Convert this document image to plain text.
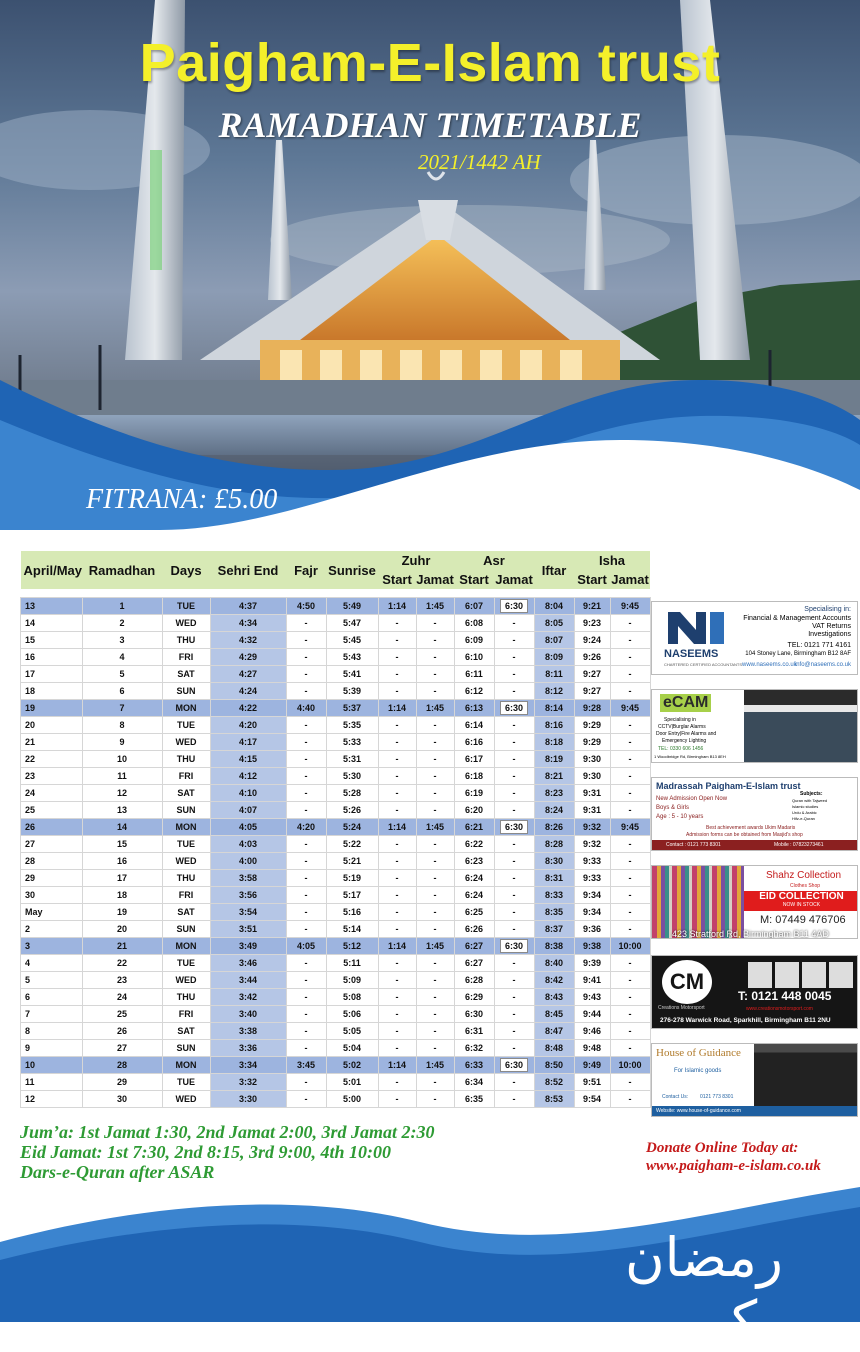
Paigham-E-Islam trust
RAMADHAN TIMETABLE
2021/1442 AH
FITRANA: £5.00
April/May	Ramadhan	Days	Sehri End	Fajr	Sunrise	Zuhr		Asr		Iftar	Isha	
						Start	Jamat	Start	Jamat		Start	Jamat

13	1	TUE	4:37	4:50	5:49	1:14	1:45	6:07	6:30	8:04	9:21	9:45
14	2	WED	4:34	-	5:47	-	-	6:08	-	8:05	9:23	-
15	3	THU	4:32	-	5:45	-	-	6:09	-	8:07	9:24	-
16	4	FRI	4:29	-	5:43	-	-	6:10	-	8:09	9:26	-
17	5	SAT	4:27	-	5:41	-	-	6:11	-	8:11	9:27	-
18	6	SUN	4:24	-	5:39	-	-	6:12	-	8:12	9:27	-
19	7	MON	4:22	4:40	5:37	1:14	1:45	6:13	6:30	8:14	9:28	9:45
20	8	TUE	4:20	-	5:35	-	-	6:14	-	8:16	9:29	-
21	9	WED	4:17	-	5:33	-	-	6:16	-	8:18	9:29	-
22	10	THU	4:15	-	5:31	-	-	6:17	-	8:19	9:30	-
23	11	FRI	4:12	-	5:30	-	-	6:18	-	8:21	9:30	-
24	12	SAT	4:10	-	5:28	-	-	6:19	-	8:23	9:31	-
25	13	SUN	4:07	-	5:26	-	-	6:20	-	8:24	9:31	-
26	14	MON	4:05	4:20	5:24	1:14	1:45	6:21	6:30	8:26	9:32	9:45
27	15	TUE	4:03	-	5:22	-	-	6:22	-	8:28	9:32	-
28	16	WED	4:00	-	5:21	-	-	6:23	-	8:30	9:33	-
29	17	THU	3:58	-	5:19	-	-	6:24	-	8:31	9:33	-
30	18	FRI	3:56	-	5:17	-	-	6:24	-	8:33	9:34	-
May	19	SAT	3:54	-	5:16	-	-	6:25	-	8:35	9:34	-
2	20	SUN	3:51	-	5:14	-	-	6:26	-	8:37	9:36	-
3	21	MON	3:49	4:05	5:12	1:14	1:45	6:27	6:30	8:38	9:38	10:00
4	22	TUE	3:46	-	5:11	-	-	6:27	-	8:40	9:39	-
5	23	WED	3:44	-	5:09	-	-	6:28	-	8:42	9:41	-
6	24	THU	3:42	-	5:08	-	-	6:29	-	8:43	9:43	-
7	25	FRI	3:40	-	5:06	-	-	6:30	-	8:45	9:44	-
8	26	SAT	3:38	-	5:05	-	-	6:31	-	8:47	9:46	-
9	27	SUN	3:36	-	5:04	-	-	6:32	-	8:48	9:48	-
10	28	MON	3:34	3:45	5:02	1:14	1:45	6:33	6:30	8:50	9:49	10:00
11	29	TUE	3:32	-	5:01	-	-	6:34	-	8:52	9:51	-
12	30	WED	3:30	-	5:00	-	-	6:35	-	8:53	9:54	-
NASEEMS
CHARTERED CERTIFIED ACCOUNTANTS
Specialising in:
Financial & Management Accounts
VAT Returns
Investigations
TEL: 0121 771 4161
104 Stoney Lane, Birmingham B12 8AF
www.naseems.co.uk
info@naseems.co.uk
eCAM
Specialising in
CCTV|Burglar Alarms
Door Entry|Fire Alarms and
Emergency Lighting
TEL: 0330 606 1456
1 Woodbridge Rd, Birmingham B13 8EH
Madrassah Paigham-E-Islam trust
New Admission Open Now
Boys & Girls
Age : 5 - 10 years
Subjects:
Quran with Tajweed
Islamic studies
Urdu & Arabic
Hifz-e-Quran
Best achievement awards Ukim Madaris
Admission forms can be obtained from Masjid's shop
Contact : 0121 773 8301	Mobile : 07823273461
Shahz Collection
Clothes Shop
EID COLLECTION
NOW IN STOCK
M: 07449 476706
423 Stratford Rd, Birmingham B11 4AD
CM
Creations Motorsport
T: 0121 448 0045
www.creationsmotorsport.com
276-278 Warwick Road, Sparkhill, Birmingham B11 2NU
House of Guidance
For Islamic goods
Contact Us: 0121 773 8301
Website: www.house-of-guidance.com
Jum’a: 1st Jamat 1:30, 2nd Jamat 2:00, 3rd Jamat 2:30
Eid Jamat: 1st 7:30, 2nd 8:15, 3rd 9:00, 4th 10:00
Dars-e-Quran after ASAR
Donate Online Today at:
www.paigham-e-islam.co.uk
رمضان كريم
